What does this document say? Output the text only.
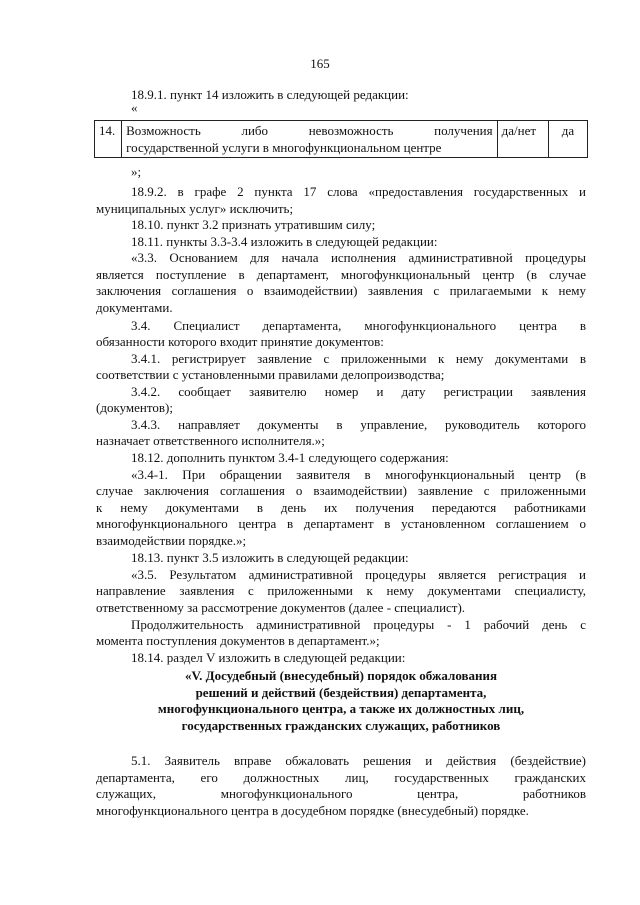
165
18.9.1. пункт 14 изложить в следующей редакции:
«
14.	Возможность либо невозможность получения
государственной услуги в многофункциональном центре	да/нет	да
»;
18.9.2. в графе 2 пункта 17 слова «предоставления государственных и
муниципальных услуг» исключить;
18.10. пункт 3.2 признать утратившим силу;
18.11. пункты 3.3-3.4 изложить в следующей редакции:
«3.3. Основанием для начала исполнения административной процедуры
является поступление в департамент, многофункциональный центр (в случае
заключения соглашения о взаимодействии) заявления с прилагаемыми к нему
документами.
3.4. Специалист департамента, многофункционального центра в
обязанности которого входит принятие документов:
3.4.1. регистрирует заявление с приложенными к нему документами в
соответствии с установленными правилами делопроизводства;
3.4.2. сообщает заявителю номер и дату регистрации заявления
(документов);
3.4.3. направляет документы в управление, руководитель которого
назначает ответственного исполнителя.»;
18.12. дополнить пунктом 3.4-1 следующего содержания:
«3.4-1. При обращении заявителя в многофункциональный центр (в
случае заключения соглашения о взаимодействии) заявление с приложенными
к нему документами в день их получения передаются работниками
многофункционального центра в департамент в установленном соглашением о
взаимодействии порядке.»;
18.13. пункт 3.5 изложить в следующей редакции:
«3.5. Результатом административной процедуры является регистрация и
направление заявления с приложенными к нему документами специалисту,
ответственному за рассмотрение документов (далее - специалист).
Продолжительность административной процедуры - 1 рабочий день с
момента поступления документов в департамент.»;
18.14. раздел V изложить в следующей редакции:
«V. Досудебный (внесудебный) порядок обжалования
решений и действий (бездействия) департамента,
многофункционального центра, а также их должностных лиц,
государственных гражданских служащих, работников
5.1. Заявитель вправе обжаловать решения и действия (бездействие)
департамента, его должностных лиц, государственных гражданских
служащих, многофункционального центра, работников
многофункционального центра в досудебном порядке (внесудебный) порядке.
